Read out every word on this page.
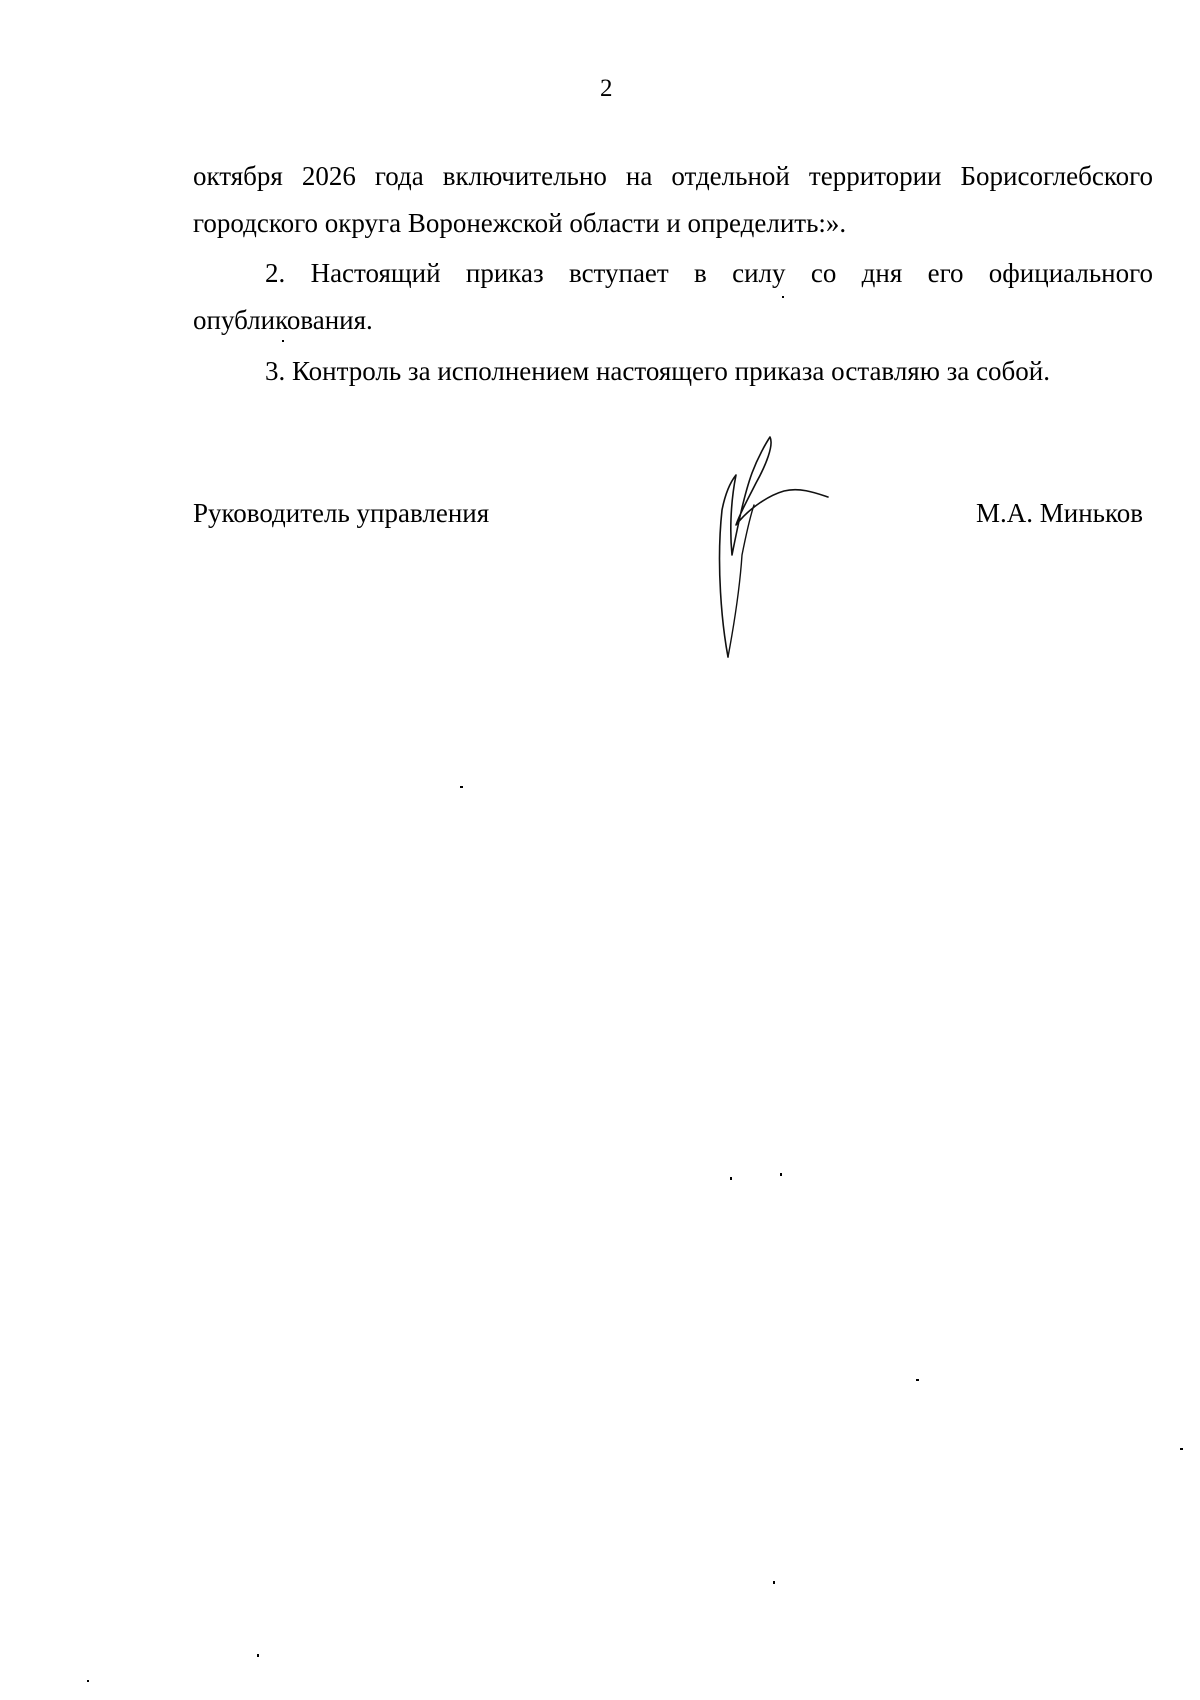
2
октября 2026 года включительно на отдельной территории Борисоглебского
городского округа Воронежской области и определить:».
2. Настоящий приказ вступает в силу со дня его официального
опубликования.
3. Контроль за исполнением настоящего приказа оставляю за собой.
Руководитель управления	М.А. Миньков
